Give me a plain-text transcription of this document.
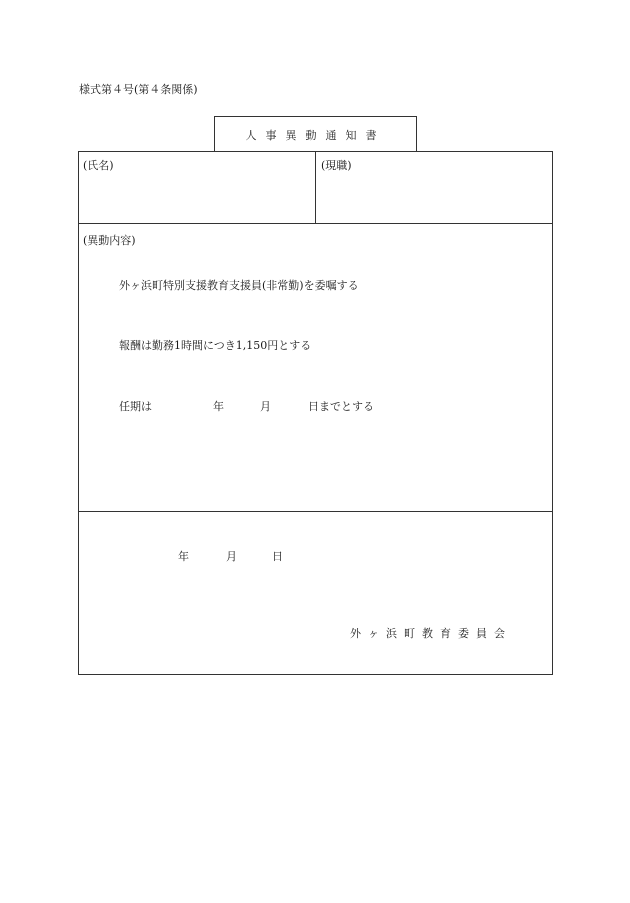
様式第４号(第４条関係)
人事異動通知書
(氏名)	(現職)
(異動内容)
外ヶ浜町特別支援教育支援員(非常勤)を委嘱する
報酬は勤務1時間につき1,150円とする
任期は	年	月	日までとする
年	月	日
外ヶ浜町教育委員会
